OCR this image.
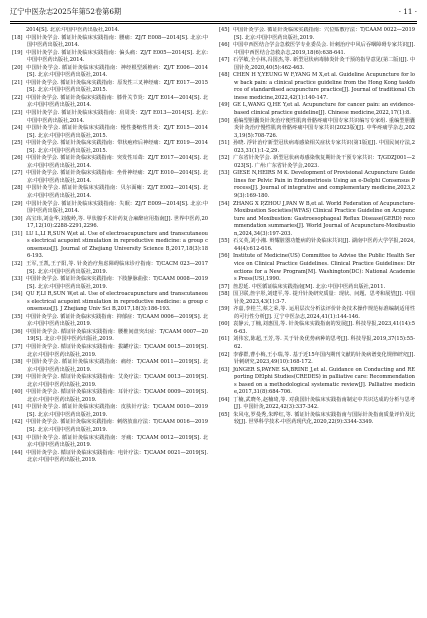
辽宁中医杂志2025年第52卷第6期	· 11 ·

2014[S]. 北京:中国中医药出版社,2014.

[18] 中国针灸学会. 循证针灸临床实践指南：腰痛：ZJ/T E008—2014[S]. 北京:中国中医药出版社,2014.

[19] 中国针灸学会. 循证针灸临床实践指南：偏头痛：ZJ/T E005—2014[S]. 北京:中国中医药出版社,2014.

[20] 中国针灸学会. 循证针灸临床实践指南：神经根型颈椎病：ZJ/T E006—2014[S]. 北京:中国中医药出版社,2014.

[21] 中国针灸学会. 循证针灸临床实践指南：原发性三叉神经痛：ZJ/T E017—2015[S]. 北京:中国中医药出版社,2015.

[22] 中国针灸学会. 循证针灸临床实践指南：膝骨关节炎：ZJ/T E014—2014[S]. 北京:中国中医药出版社,2014.

[23] 中国针灸学会. 循证针灸临床实践指南：肩周炎：ZJ/T E013—2014[S]. 北京:中国中医药出版社,2014.

[24] 中国针灸学会. 循证针灸临床实践指南：慢性萎缩性胃炎：ZJ/T E015—2014[S]. 北京:中国中医药出版社,2015.

[25] 中国针灸学会. 循证针灸临床实践指南：带状疱疹后神经痛：ZJ/T E019—2014[S]. 北京:中国中医药出版社,2015.

[26] 中国针灸学会. 循证针灸临床实践指南：突发性耳聋：ZJ/T E017—2014[S]. 北京:中国中医药出版社,2014.

[27] 中国针灸学会. 循证针灸临床实践指南：坐骨神经痛：ZJ/T E010—2014[S]. 北京:中国中医药出版社,2014.

[28] 中国针灸学会. 循证针灸临床实践指南：贝尔面瘫：ZJ/T E002—2014[S]. 北京:中国中医药出版社,2014.

[29] 中国针灸学会. 循证针灸临床实践指南：失眠：ZJ/T E009—2014[S]. 北京:中国中医药出版社,2014.

[30] 高宝玮,刘金华,刘俊岭,等. 甲状腺手术针药复合麻醉应用指南[J]. 世界中医药,2017,12(10):2288-2291,2296.

[31] LU L,LI R,SUN W,et al. Use of electroacupuncture and transcutaneous electrical acupoint stimulation in reproductive medicine: a group consensus[J]. Journal of Zhejiang University Science B,2017,18(3):186-193.

[32] 王军,王凯,王子阳,等. 针灸治疗焦虑障碍临床诊疗指南：T/CACM 023—2017[S]. 北京:中国中医药出版社,2019.

[33] 中国针灸学会. 循证针灸临床实践指南：下肢静脉曲张：T/CAAM 0008—2019[S]. 北京:中国中医药出版社,2019.

[34] QU F,LI R,SUN W,et al. Use of electroacupuncture and transcutaneous electrical acupoint stimulation in reproductive medicine: a group consensus[J]. J Zhejiang Univ Sci B,2017,18(3):186-193.

[35] 中国针灸学会. 循证针灸临床实践指南：抑郁症：T/CAAM 0006—2019[S]. 北京:中国中医药出版社,2019.

[36] 中国针灸学会. 循证针灸临床实践指南：腰椎间盘突出症：T/CAAM 0007—2019[S]. 北京:中国中医药出版社,2019.

[37] 中国针灸学会. 循证针灸临床实践指南：拔罐疗法：T/CAAM 0015—2019[S]. 北京:中国中医药出版社,2019.

[38] 中国针灸学会. 循证针灸临床实践指南：痛经：T/CAAM 0011—2019[S]. 北京:中国中医药出版社,2019.

[39] 中国针灸学会. 循证针灸临床实践指南：艾灸疗法：T/CAAM 0013—2019[S]. 北京:中国中医药出版社,2019.

[40] 中国针灸学会. 循证针灸临床实践指南：耳针疗法：T/CAAM 0009—2019[S]. 北京:中国中医药出版社,2019.

[41] 中国针灸学会. 循证针灸临床实践指南：皮肤针疗法：T/CAAM 0010—2019[S]. 北京:中国中医药出版社,2019.

[42] 中国针灸学会. 循证针灸临床实践指南：刺络放血疗法：T/CAAM 0016—2019[S]. 北京:中国中医药出版社,2019.

[43] 中国针灸学会. 循证针灸临床实践指南：牙痛：T/CAAM 0012—2019[S]. 北京:中国中医药出版社,2019.

[44] 中国针灸学会. 循证针灸临床实践指南：电针疗法：T/CAAM 0021—2019[S]. 北京:中国中医药出版社,2019.

[45] 中国针灸学会. 循证针灸临床实践指南：穴位贴敷疗法：T/CAAM 0022—2019[S]. 北京:中国中医药出版社,2019.

[46] 中国中西医结合学会急救医学专业委员会. 针刺治疗中风后吞咽障碍专家共识[J]. 中国中西医结合急救杂志,2019,18(6):638-641.

[47] 石学敏,全小林,冯国杰,等. 新型冠状病毒肺炎针灸干预的指导意见(第二版)[J]. 中国针灸,2020,40(5):462-463.

[48] CHEN H Y,YEUNG W F,YANG M X,et al. Guideline Acupuncture for low back pain: a clinical practice guideline from the Hong Kong taskforce of standardised acupuncture practice[J]. Journal of traditional Chinese medicine,2022,42(1):140-147.

[49] GE L,WANG Q,HE Y,et al. Acupuncture for cancer pain: an evidence-based clinical practice guideline[J]. Chinese medicine,2022,17(1):8.

[50] 重编型胆囊炎针灸治疗便性肌肉骨骼疼痛中国专家共识编写专家组. 重编型胆囊炎针灸治疗慢性肌肉骨骼疼痛中国专家共识(2023版)[J]. 中华疼痛学杂志,2023,19(5):708-726.

[51] 孙晓. 浮针治疗新型冠状病毒感染相关症状专家共识(第1版)[J]. 中国民间疗法,2023,31(1):1-2,29.

[52] 广东省针灸学会. 新型冠状病毒感染恢复期针灸干预专家共识：T/GDZJ001—2023[S]. 广州:广东省针灸学会,2023.

[53] GIESE N,HEIRS M K. Development of Provisional Acupuncture Guidelines for Pelvic Pain in Endometriosis Using an e-Delphi Consensus Process[J]. Journal of integrative and complementary medicine,2023,29(3):169-180.

[54] ZHANG X P,ZHOU J,PAN W B,et al. World Federation of Acupuncture-Moxibustion Societies(WFAS) Clinical Practice Guideline on Acupuncture and Moxibustion: Gastroesophageal Reflux Disease(GERD) recommendation summaries[J]. World Journal of Acupuncture-Moxibustion,2024,34(3):197-203.

[55] 石义英,刘小湘. 辩耀脏器功能病的针灸临床共识[J]. 湖南中医药大学学报,2024,44(4):612-616.

[56] Institute of Medicine(US) Committee to Advise the Public Health Service on Clinical Practice Guidelines. Clinical Practice Guidelines: Directions for a New Program[M]. Washington(DC): National Academies Press(US),1990.

[57] 詹思延. 中医循证临床实践指南[M]. 北京:中国中医药出版社,2011.

[58] 国卫联,詹宇彤,刘建平,等. 提升针灸研究质量：现状、问题、思考和展望[J]. 中国针灸,2023,43(1):3-7.

[59] 齐嘉,李桂兰,蔡之荣,等. 运用层次分析法评价针灸技术操作规范标准编制适用性的可行性分析[J]. 辽宁中医杂志,2024,41(1):144-146.

[60] 袁静云,丁楠,刘惠国,等. 针灸临床实践指南的发展[J]. 科技导报,2023,41(14):56-63.

[61] 刘伟宏,陈超,王芳,等. 关于针灸优势病种的思考[J]. 科技导报,2019,37(15):55-62.

[62] 李睿群,曹小梅,王小瑞,等. 基于近15年国内期刊文献的针灸病谱变化规律研究[J]. 针刺研究,2023,49(10):168-172.

[63] JüNGER S,PAYNE SA,BRINE J,et al. Guidance on Conducting and REporting DElphi Studies(CREDES) in palliative care: Recommendations based on a methodological systematic review[J]. Palliative medicine,2017,31(8):684-706.

[64] 丁楠,武晓冬,赵楠琦,等. 对我国针灸临床实践指南制定中共识达成的分析与思考[J]. 中国针灸,2022,42(3):337-342.

[65] 朱风屯,罗曼秀,朱晔红,等. 循证针灸临床实践指南与国际针灸指南质量评价及比较[J]. 世界科学技术-中医药现代化,2020,22(9):3344-3349.
